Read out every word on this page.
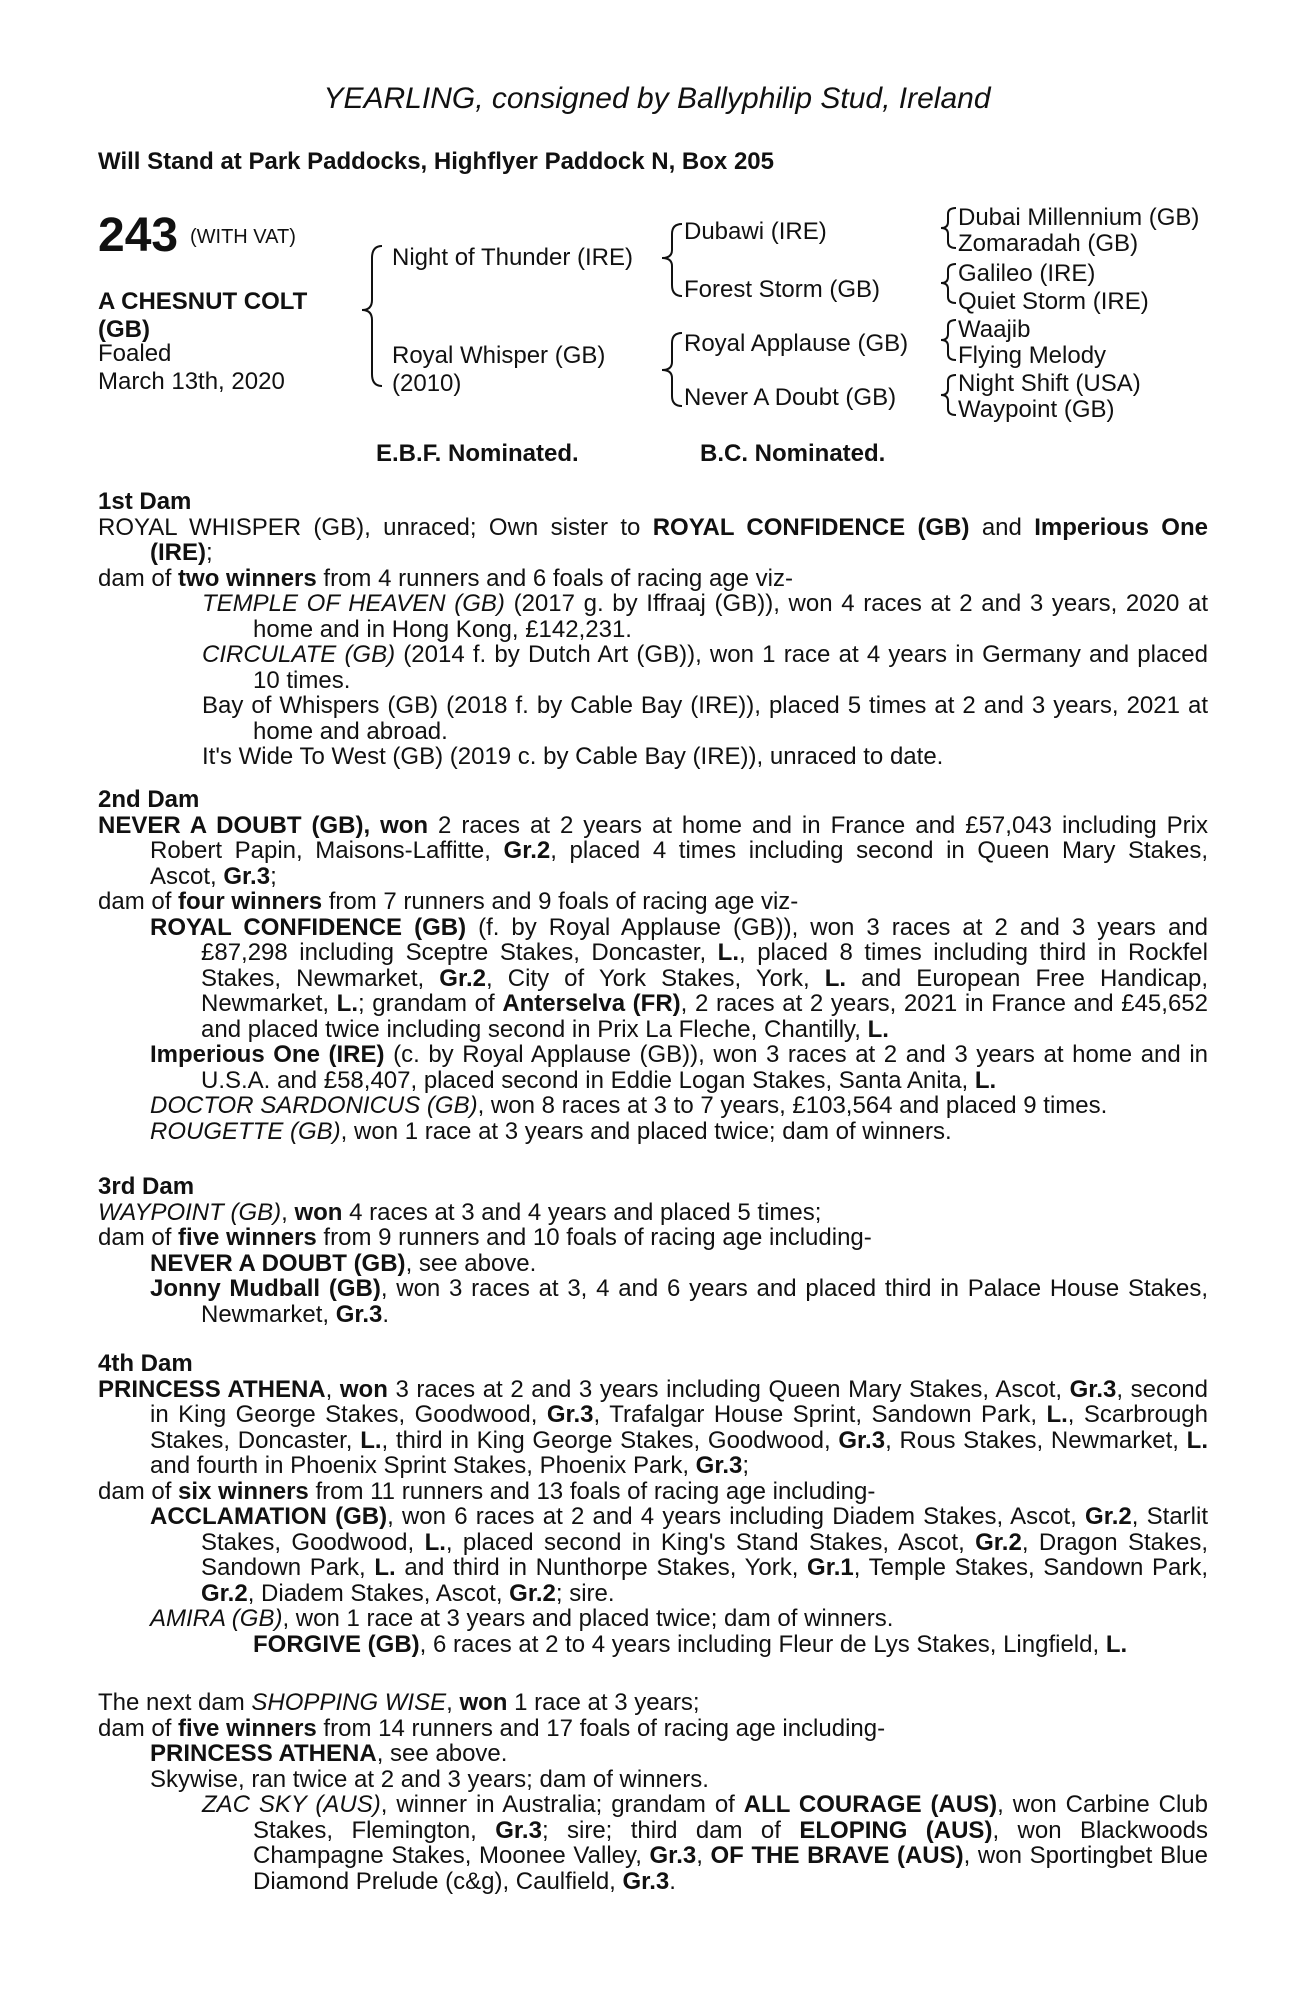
YEARLING, consigned by Ballyphilip Stud, Ireland
Will Stand at Park Paddocks, Highflyer Paddock N, Box 205
243 (WITH VAT)
A CHESNUT COLT
(GB)
Foaled
March 13th, 2020
Night of Thunder (IRE)
Royal Whisper (GB)
(2010)
Dubawi (IRE)
Forest Storm (GB)
Royal Applause (GB)
Never A Doubt (GB)
Dubai Millennium (GB)
Zomaradah (GB)
Galileo (IRE)
Quiet Storm (IRE)
Waajib
Flying Melody
Night Shift (USA)
Waypoint (GB)
E.B.F. Nominated.	B.C. Nominated.
1st Dam

ROYAL WHISPER (GB), unraced; Own sister to ROYAL CONFIDENCE (GB) and Imperious One (IRE);

dam of two winners from 4 runners and 6 foals of racing age viz-

TEMPLE OF HEAVEN (GB) (2017 g. by Iffraaj (GB)), won 4 races at 2 and 3 years, 2020 at home and in Hong Kong, £142,231.

CIRCULATE (GB) (2014 f. by Dutch Art (GB)), won 1 race at 4 years in Germany and placed 10 times.

Bay of Whispers (GB) (2018 f. by Cable Bay (IRE)), placed 5 times at 2 and 3 years, 2021 at home and abroad.

It's Wide To West (GB) (2019 c. by Cable Bay (IRE)), unraced to date.

2nd Dam

NEVER A DOUBT (GB), won 2 races at 2 years at home and in France and £57,043 including Prix Robert Papin, Maisons-Laffitte, Gr.2, placed 4 times including second in Queen Mary Stakes, Ascot, Gr.3;

dam of four winners from 7 runners and 9 foals of racing age viz-

ROYAL CONFIDENCE (GB) (f. by Royal Applause (GB)), won 3 races at 2 and 3 years and £87,298 including Sceptre Stakes, Doncaster, L., placed 8 times including third in Rockfel Stakes, Newmarket, Gr.2, City of York Stakes, York, L. and European Free Handicap, Newmarket, L.; grandam of Anterselva (FR), 2 races at 2 years, 2021 in France and £45,652 and placed twice including second in Prix La Fleche, Chantilly, L.

Imperious One (IRE) (c. by Royal Applause (GB)), won 3 races at 2 and 3 years at home and in U.S.A. and £58,407, placed second in Eddie Logan Stakes, Santa Anita, L.

DOCTOR SARDONICUS (GB), won 8 races at 3 to 7 years, £103,564 and placed 9 times.

ROUGETTE (GB), won 1 race at 3 years and placed twice; dam of winners.

3rd Dam

WAYPOINT (GB), won 4 races at 3 and 4 years and placed 5 times;

dam of five winners from 9 runners and 10 foals of racing age including-

NEVER A DOUBT (GB), see above.

Jonny Mudball (GB), won 3 races at 3, 4 and 6 years and placed third in Palace House Stakes, Newmarket, Gr.3.

4th Dam

PRINCESS ATHENA, won 3 races at 2 and 3 years including Queen Mary Stakes, Ascot, Gr.3, second in King George Stakes, Goodwood, Gr.3, Trafalgar House Sprint, Sandown Park, L., Scarbrough Stakes, Doncaster, L., third in King George Stakes, Goodwood, Gr.3, Rous Stakes, Newmarket, L. and fourth in Phoenix Sprint Stakes, Phoenix Park, Gr.3;

dam of six winners from 11 runners and 13 foals of racing age including-

ACCLAMATION (GB), won 6 races at 2 and 4 years including Diadem Stakes, Ascot, Gr.2, Starlit Stakes, Goodwood, L., placed second in King's Stand Stakes, Ascot, Gr.2, Dragon Stakes, Sandown Park, L. and third in Nunthorpe Stakes, York, Gr.1, Temple Stakes, Sandown Park, Gr.2, Diadem Stakes, Ascot, Gr.2; sire.

AMIRA (GB), won 1 race at 3 years and placed twice; dam of winners.

FORGIVE (GB), 6 races at 2 to 4 years including Fleur de Lys Stakes, Lingfield, L.

The next dam SHOPPING WISE, won 1 race at 3 years;

dam of five winners from 14 runners and 17 foals of racing age including-

PRINCESS ATHENA, see above.

Skywise, ran twice at 2 and 3 years; dam of winners.

ZAC SKY (AUS), winner in Australia; grandam of ALL COURAGE (AUS), won Carbine Club Stakes, Flemington, Gr.3; sire; third dam of ELOPING (AUS), won Blackwoods Champagne Stakes, Moonee Valley, Gr.3, OF THE BRAVE (AUS), won Sportingbet Blue Diamond Prelude (c&g), Caulfield, Gr.3.
